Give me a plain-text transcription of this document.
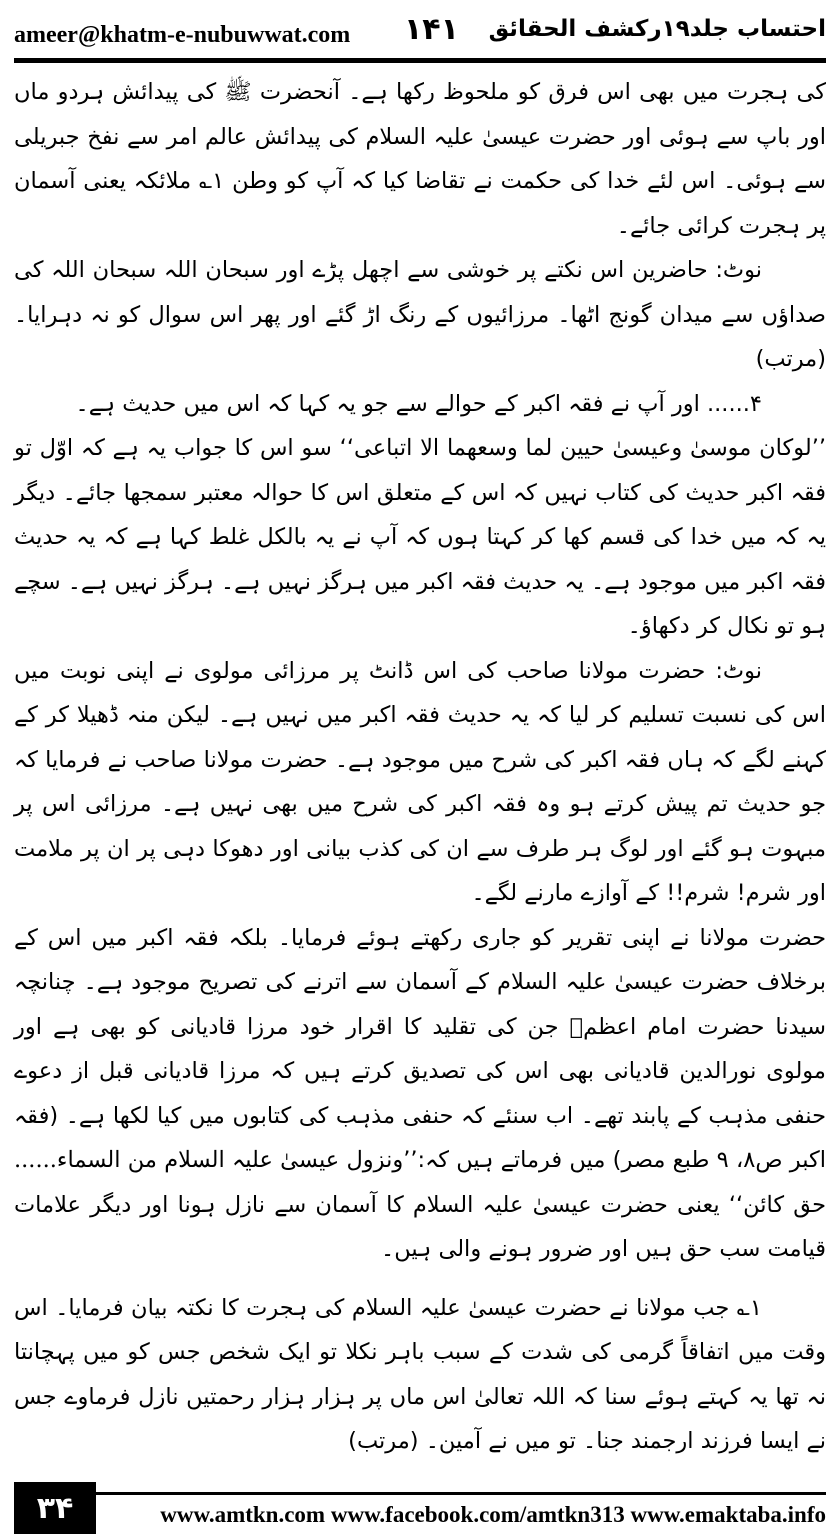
ameer@khatm-e-nubuwwat.com ۱۴۱ احتساب جلد۱۹رکشف الحقائق

کی ہجرت میں بھی اس فرق کو ملحوظ رکھا ہے۔ آنحضرت ﷺ کی پیدائش ہردو ماں اور باپ سے ہوئی اور حضرت عیسیٰ علیہ السلام کی پیدائش عالم امر سے نفخ جبریلی سے ہوئی۔ اس لئے خدا کی حکمت نے تقاضا کیا کہ آپ کو وطن ۱؎ ملائکہ یعنی آسمان پر ہجرت کرائی جائے۔

نوٹ: حاضرین اس نکتے پر خوشی سے اچھل پڑے اور سبحان اللہ سبحان اللہ کی صداؤں سے میدان گونج اٹھا۔ مرزائیوں کے رنگ اڑ گئے اور پھر اس سوال کو نہ دہرایا۔ (مرتب)

۴...... اور آپ نے فقہ اکبر کے حوالے سے جو یہ کہا کہ اس میں حدیث ہے۔

’’لوکان موسیٰ وعیسیٰ حیین لما وسعھما الا اتباعی‘‘ سو اس کا جواب یہ ہے کہ اوّل تو فقہ اکبر حدیث کی کتاب نہیں کہ اس کے متعلق اس کا حوالہ معتبر سمجھا جائے۔ دیگر یہ کہ میں خدا کی قسم کھا کر کہتا ہوں کہ آپ نے یہ بالکل غلط کہا ہے کہ یہ حدیث فقہ اکبر میں موجود ہے۔ یہ حدیث فقہ اکبر میں ہرگز نہیں ہے۔ ہرگز نہیں ہے۔ سچے ہو تو نکال کر دکھاؤ۔

نوٹ: حضرت مولانا صاحب کی اس ڈانٹ پر مرزائی مولوی نے اپنی نوبت میں اس کی نسبت تسلیم کر لیا کہ یہ حدیث فقہ اکبر میں نہیں ہے۔ لیکن منہ ڈھیلا کر کے کہنے لگے کہ ہاں فقہ اکبر کی شرح میں موجود ہے۔ حضرت مولانا صاحب نے فرمایا کہ جو حدیث تم پیش کرتے ہو وہ فقہ اکبر کی شرح میں بھی نہیں ہے۔ مرزائی اس پر مبہوت ہو گئے اور لوگ ہر طرف سے ان کی کذب بیانی اور دھوکا دہی پر ان پر ملامت اور شرم! شرم!! کے آوازے مارنے لگے۔

حضرت مولانا نے اپنی تقریر کو جاری رکھتے ہوئے فرمایا۔ بلکہ فقہ اکبر میں اس کے برخلاف حضرت عیسیٰ علیہ السلام کے آسمان سے اترنے کی تصریح موجود ہے۔ چنانچہ سیدنا حضرت امام اعظمؒ جن کی تقلید کا اقرار خود مرزا قادیانی کو بھی ہے اور مولوی نورالدین قادیانی بھی اس کی تصدیق کرتے ہیں کہ مرزا قادیانی قبل از دعوے حنفی مذہب کے پابند تھے۔ اب سنئے کہ حنفی مذہب کی کتابوں میں کیا لکھا ہے۔ (فقہ اکبر ص۸، ۹ طبع مصر) میں فرماتے ہیں کہ:’’ونزول عیسیٰ علیہ السلام من السماء...... حق کائن‘‘ یعنی حضرت عیسیٰ علیہ السلام کا آسمان سے نازل ہونا اور دیگر علامات قیامت سب حق ہیں اور ضرور ہونے والی ہیں۔

۱؎ جب مولانا نے حضرت عیسیٰ علیہ السلام کی ہجرت کا نکتہ بیان فرمایا۔ اس وقت میں اتفاقاً گرمی کی شدت کے سبب باہر نکلا تو ایک شخص جس کو میں پہچانتا نہ تھا یہ کہتے ہوئے سنا کہ اللہ تعالیٰ اس ماں پر ہزار ہزار رحمتیں نازل فرماوے جس نے ایسا فرزند ارجمند جنا۔ تو میں نے آمین۔ (مرتب)

۳۴	www.amtkn.com www.facebook.com/amtkn313 www.emaktaba.info
